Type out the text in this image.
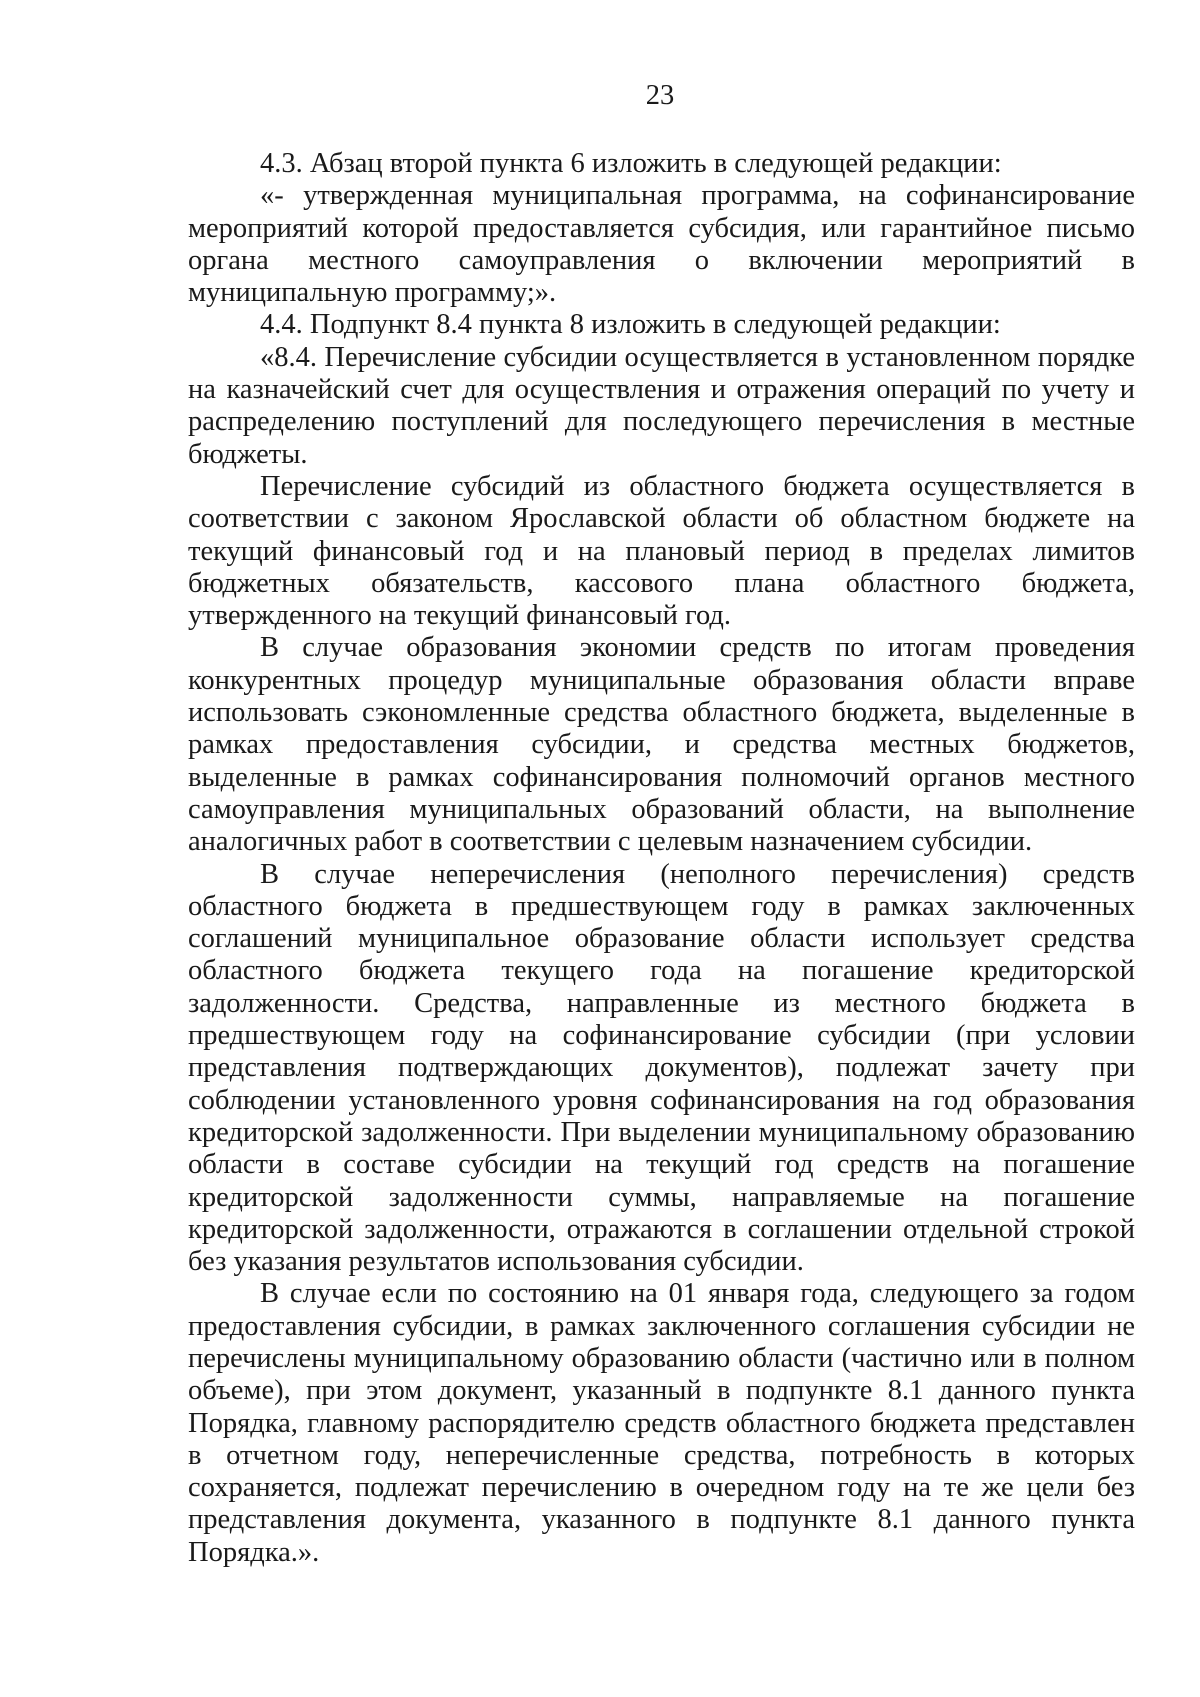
23

4.3. Абзац второй пункта 6 изложить в следующей редакции:

«- утвержденная муниципальная программа, на софинансирование мероприятий которой предоставляется субсидия, или гарантийное письмо органа местного самоуправления о включении мероприятий в муниципальную программу;».

4.4. Подпункт 8.4 пункта 8 изложить в следующей редакции:

«8.4. Перечисление субсидии осуществляется в установленном порядке на казначейский счет для осуществления и отражения операций по учету и распределению поступлений для последующего перечисления в местные бюджеты.

Перечисление субсидий из областного бюджета осуществляется в соответствии с законом Ярославской области об областном бюджете на текущий финансовый год и на плановый период в пределах лимитов бюджетных обязательств, кассового плана областного бюджета, утвержденного на текущий финансовый год.

В случае образования экономии средств по итогам проведения конкурентных процедур муниципальные образования области вправе использовать сэкономленные средства областного бюджета, выделенные в рамках предоставления субсидии, и средства местных бюджетов, выделенные в рамках софинансирования полномочий органов местного самоуправления муниципальных образований области, на выполнение аналогичных работ в соответствии с целевым назначением субсидии.

В случае неперечисления (неполного перечисления) средств областного бюджета в предшествующем году в рамках заключенных соглашений муниципальное образование области использует средства областного бюджета текущего года на погашение кредиторской задолженности. Средства, направленные из местного бюджета в предшествующем году на софинансирование субсидии (при условии представления подтверждающих документов), подлежат зачету при соблюдении установленного уровня софинансирования на год образования кредиторской задолженности. При выделении муниципальному образованию области в составе субсидии на текущий год средств на погашение кредиторской задолженности суммы, направляемые на погашение кредиторской задолженности, отражаются в соглашении отдельной строкой без указания результатов использования субсидии.

В случае если по состоянию на 01 января года, следующего за годом предоставления субсидии, в рамках заключенного соглашения субсидии не перечислены муниципальному образованию области (частично или в полном объеме), при этом документ, указанный в подпункте 8.1 данного пункта Порядка, главному распорядителю средств областного бюджета представлен в отчетном году, неперечисленные средства, потребность в которых сохраняется, подлежат перечислению в очередном году на те же цели без представления документа, указанного в подпункте 8.1 данного пункта Порядка.».
